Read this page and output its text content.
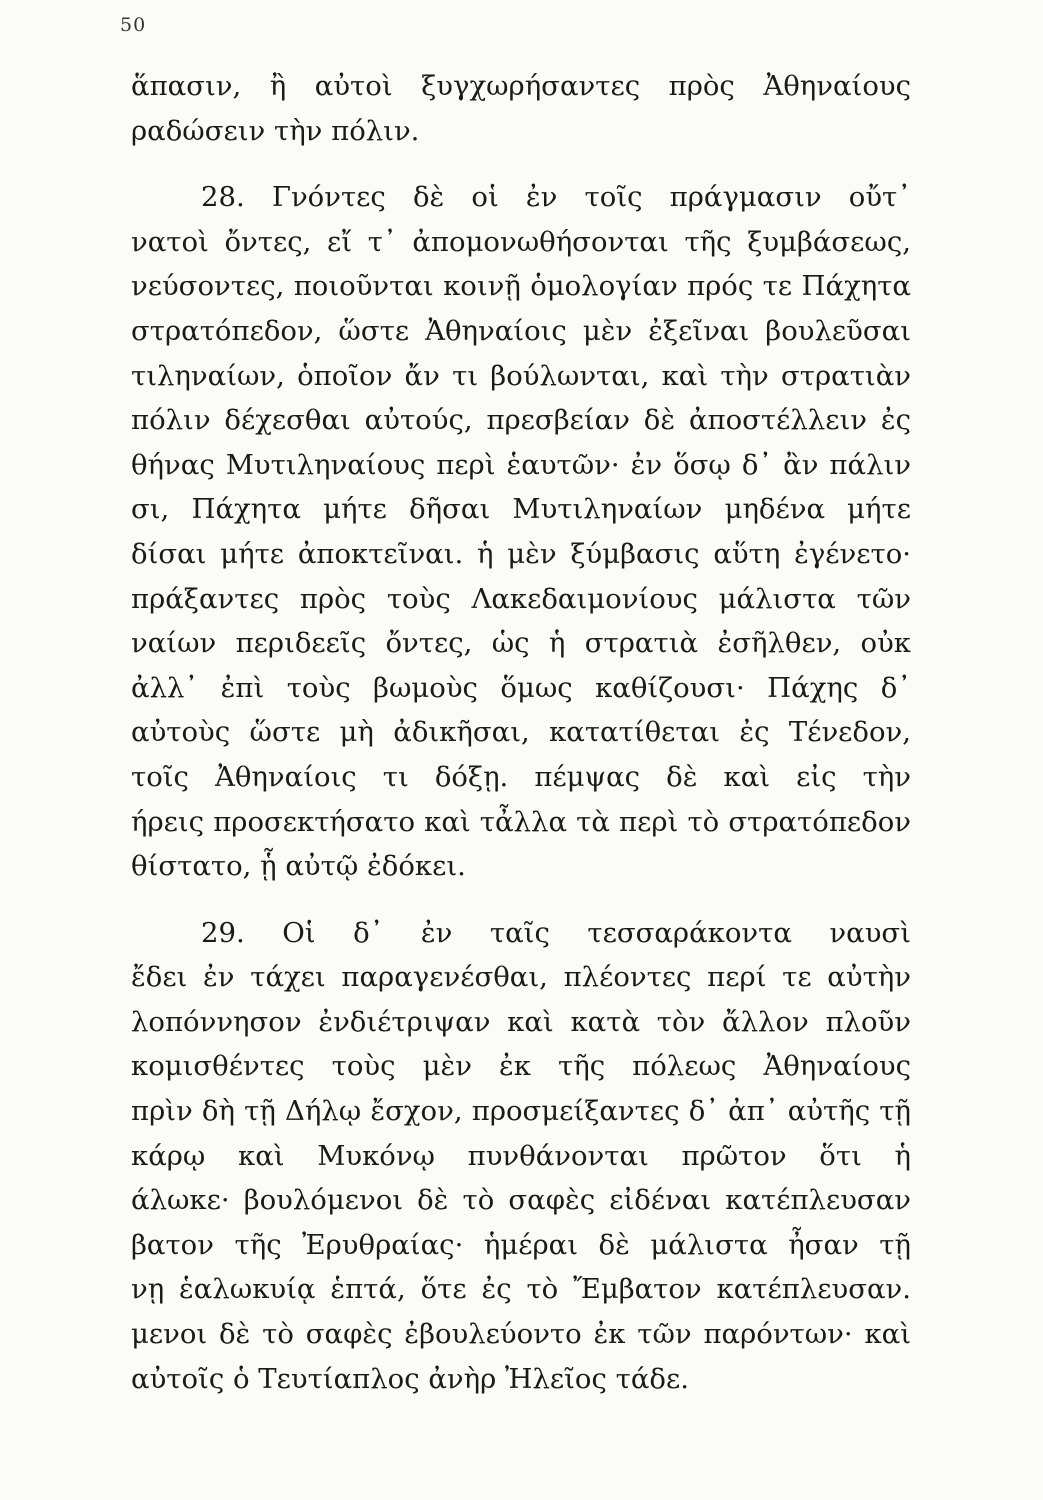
50
ἅπασιν, ἢ αὐτοὶ ξυγχωρήσαντες πρὸς Ἀθηναίους
ραδώσειν τὴν πόλιν.
28. Γνόντες δὲ οἱ ἐν τοῖς πράγμασιν οὔτ᾽
νατοὶ ὄντες, εἴ τ᾽ ἀπομονωθήσονται τῆς ξυμβάσεως,
νεύσοντες, ποιοῦνται κοινῇ ὁμολογίαν πρός τε Πάχητα
στρατόπεδον, ὥστε Ἀθηναίοις μὲν ἐξεῖναι βουλεῦσαι
τιληναίων, ὁποῖον ἄν τι βούλωνται, καὶ τὴν στρατιὰν
πόλιν δέχεσθαι αὐτούς, πρεσβείαν δὲ ἀποστέλλειν ἐς
θήνας Μυτιληναίους περὶ ἑαυτῶν· ἐν ὅσῳ δ᾽ ἂν πάλιν
σι, Πάχητα μήτε δῆσαι Μυτιληναίων μηδένα μήτε
δίσαι μήτε ἀποκτεῖναι. ἡ μὲν ξύμβασις αὕτη ἐγένετο·
πράξαντες πρὸς τοὺς Λακεδαιμονίους μάλιστα τῶν
ναίων περιδεεῖς ὄντες, ὡς ἡ στρατιὰ ἐσῆλθεν, οὐκ
ἀλλ᾽ ἐπὶ τοὺς βωμοὺς ὅμως καθίζουσι· Πάχης δ᾽
αὐτοὺς ὥστε μὴ ἀδικῆσαι, κατατίθεται ἐς Τένεδον,
τοῖς Ἀθηναίοις τι δόξῃ. πέμψας δὲ καὶ εἰς τὴν
ήρεις προσεκτήσατο καὶ τἆλλα τὰ περὶ τὸ στρατόπεδον
θίστατο, ᾗ αὐτῷ ἐδόκει.
29. Οἱ δ᾽ ἐν ταῖς τεσσαράκοντα ναυσὶ
ἔδει ἐν τάχει παραγενέσθαι, πλέοντες περί τε αὐτὴν
λοπόννησον ἐνδιέτριψαν καὶ κατὰ τὸν ἄλλον πλοῦν
κομισθέντες τοὺς μὲν ἐκ τῆς πόλεως Ἀθηναίους
πρὶν δὴ τῇ Δήλῳ ἔσχον, προσμείξαντες δ᾽ ἀπ᾽ αὐτῆς τῇ
κάρῳ καὶ Μυκόνῳ πυνθάνονται πρῶτον ὅτι ἡ
άλωκε· βουλόμενοι δὲ τὸ σαφὲς εἰδέναι κατέπλευσαν
βατον τῆς Ἐρυθραίας· ἡμέραι δὲ μάλιστα ἦσαν τῇ
νῃ ἑαλωκυίᾳ ἑπτά, ὅτε ἐς τὸ Ἔμβατον κατέπλευσαν.
μενοι δὲ τὸ σαφὲς ἐβουλεύοντο ἐκ τῶν παρόντων· καὶ
αὐτοῖς ὁ Τευτίαπλος ἀνὴρ Ἠλεῖος τάδε.
